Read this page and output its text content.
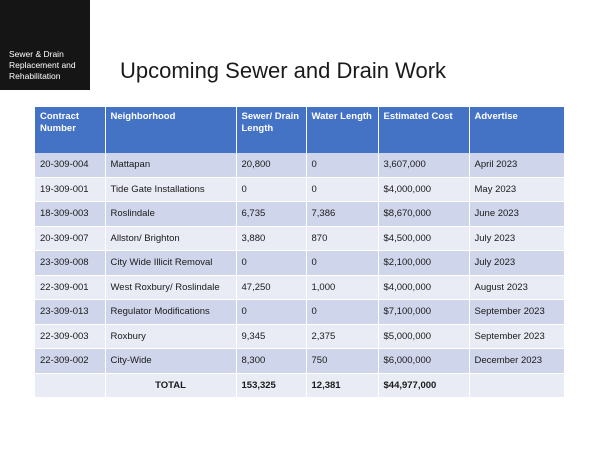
Sewer & Drain Replacement and Rehabilitation	Upcoming Sewer and Drain Work
Contract Number	Neighborhood	Sewer/ Drain Length	Water Length	Estimated Cost	Advertise
20-309-004	Mattapan	20,800	0	3,607,000	April 2023
19-309-001	Tide Gate Installations	0	0	$4,000,000	May 2023
18-309-003	Roslindale	6,735	7,386	$8,670,000	June 2023
20-309-007	Allston/ Brighton	3,880	870	$4,500,000	July 2023
23-309-008	City Wide Illicit Removal	0	0	$2,100,000	July 2023
22-309-001	West Roxbury/ Roslindale	47,250	1,000	$4,000,000	August 2023
23-309-013	Regulator Modifications	0	0	$7,100,000	September 2023
22-309-003	Roxbury	9,345	2,375	$5,000,000	September 2023
22-309-002	City-Wide	8,300	750	$6,000,000	December 2023
	TOTAL	153,325	12,381	$44,977,000	
